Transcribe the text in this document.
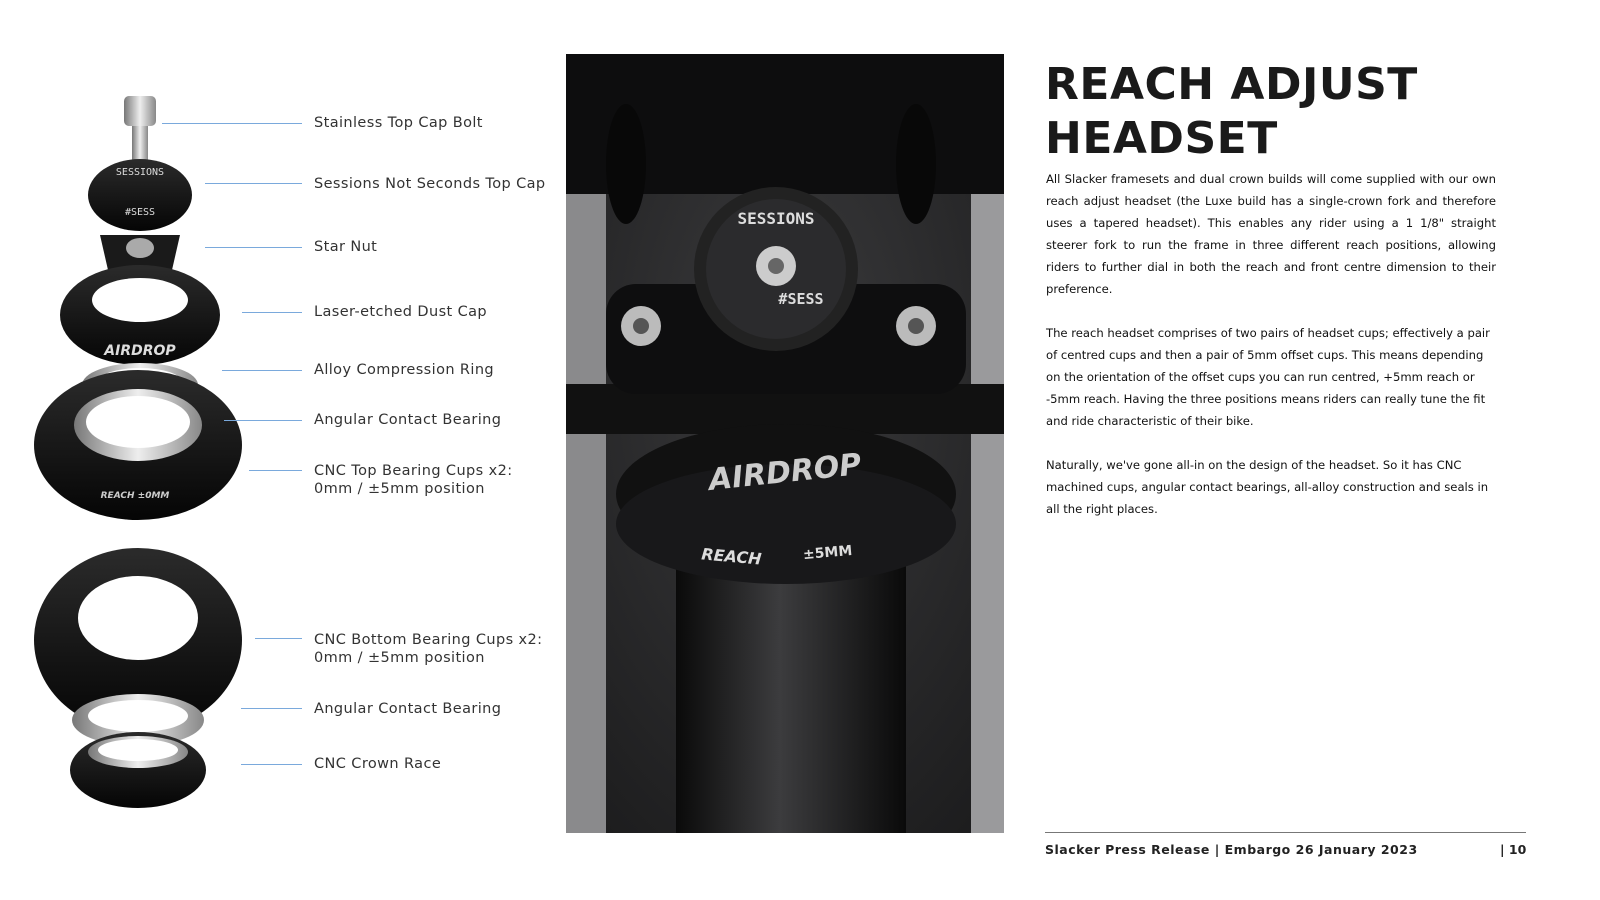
SESSIONS
#SESS
AIRDROP
REACH ±0MM
Stainless Top Cap Bolt
Sessions Not Seconds Top Cap
Star Nut
Laser-etched Dust Cap
Alloy Compression Ring
Angular Contact Bearing
CNC Top Bearing Cups x2:
0mm / ±5mm position
CNC Bottom Bearing Cups x2:
0mm / ±5mm position
Angular Contact Bearing
CNC Crown Race
SESSIONS
#SESS
AIRDROP
REACH	±5MM
REACH ADJUST
HEADSET

All Slacker framesets and dual crown builds will come supplied with our own reach adjust headset (the Luxe build has a single-crown fork and therefore uses a tapered headset). This enables any rider using a 1 1/8" straight steerer fork to run the frame in three different reach positions, allowing riders to further dial in both the reach and front centre dimension to their preference.

The reach headset comprises of two pairs of headset cups; effectively a pair of centred cups and then a pair of 5mm offset cups. This means depending on the orientation of the offset cups you can run centred, +5mm reach or -5mm reach. Having the three positions means riders can really tune the fit and ride characteristic of their bike.

Naturally, we've gone all-in on the design of the headset. So it has CNC machined cups, angular contact bearings, all-alloy construction and seals in all the right places.

Slacker Press Release | Embargo 26 January 2023	| 10
